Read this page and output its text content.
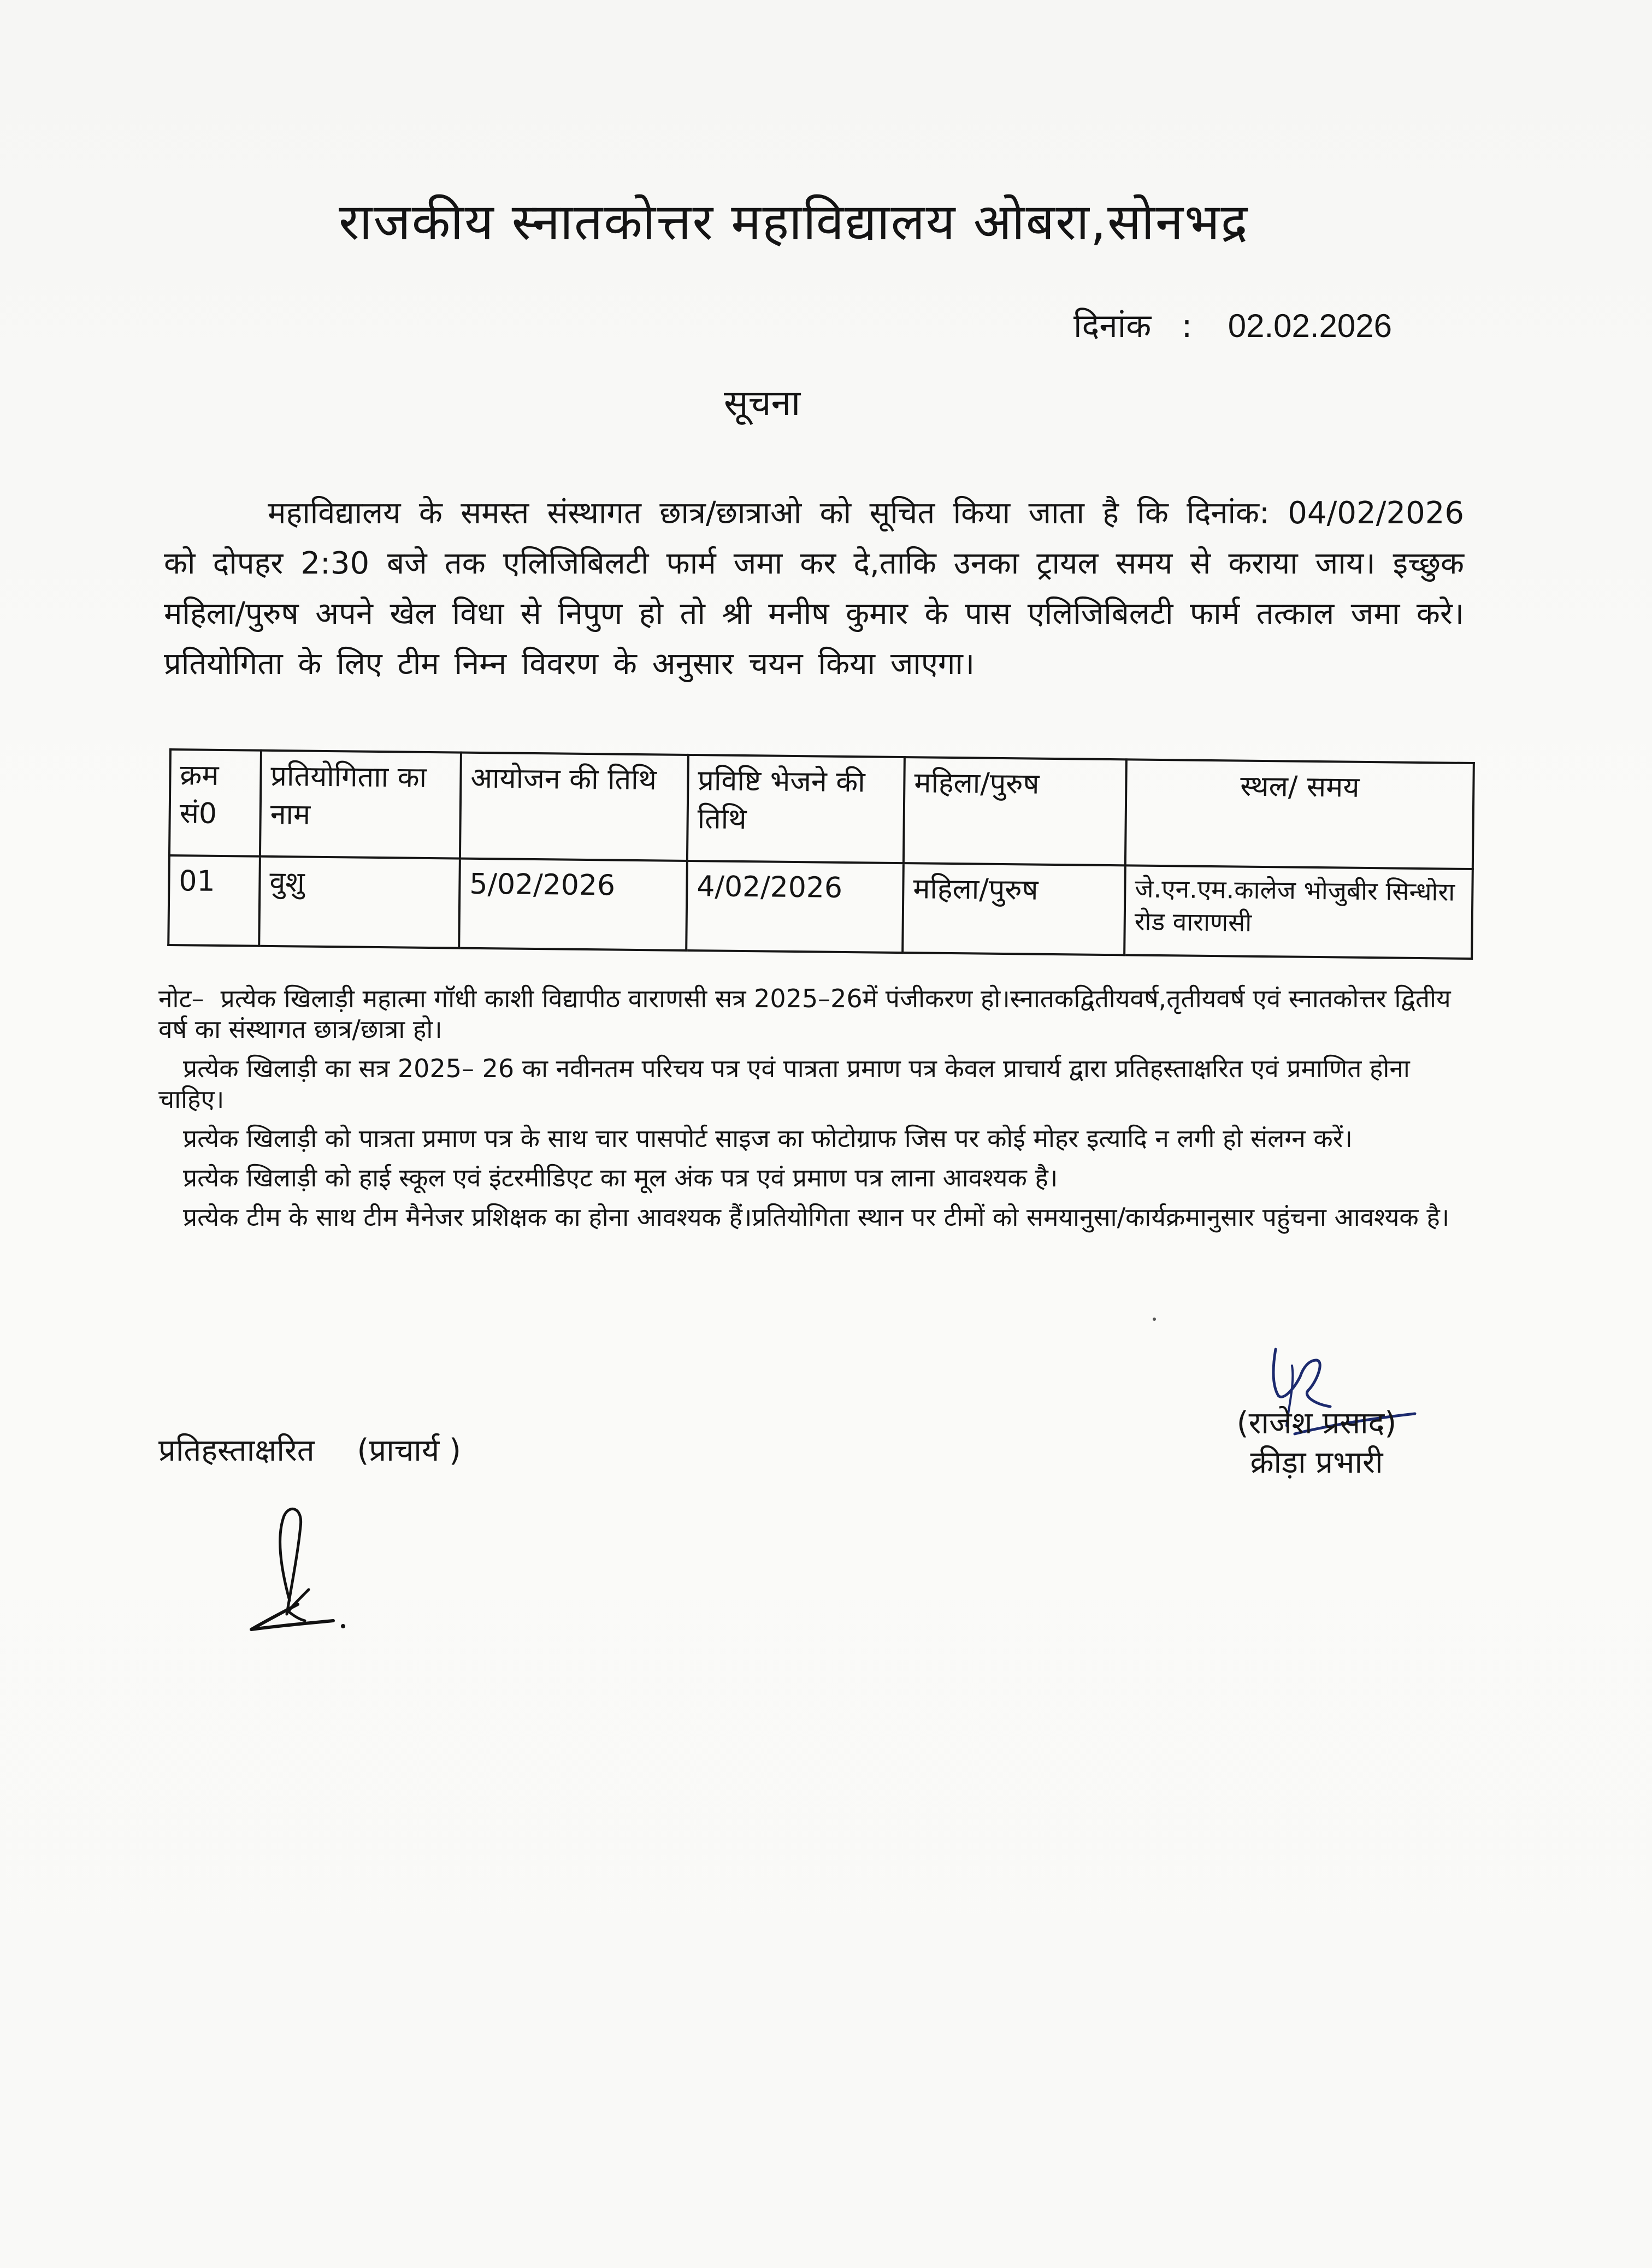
राजकीय स्नातकोत्तर महाविद्यालय ओबरा,सोनभद्र
दिनांक : 02.02.2026
सूचना

महाविद्यालय के समस्त संस्थागत छात्र/छात्राओ को सूचित किया जाता है कि दिनांक: 04/02/2026 को दोपहर 2:30 बजे तक एलिजिबिलटी फार्म जमा कर दे,ताकि उनका ट्रायल समय से कराया जाय। इच्छुक महिला/पुरुष अपने खेल विधा से निपुण हो तो श्री मनीष कुमार के पास एलिजिबिलटी फार्म तत्काल जमा करे। प्रतियोगिता के लिए टीम निम्न विवरण के अनुसार चयन किया जाएगा।

क्रम सं0	प्रतियोगिताा का नाम	आयोजन की तिथि	प्रविष्टि भेजने की तिथि	महिला/पुरुष	स्थल/ समय
01	वुशु	5/02/2026	4/02/2026	महिला/पुरुष	जे.एन.एम.कालेज भोजुबीर सिन्धोरा रोड वाराणसी

नोट– प्रत्येक खिलाड़ी महात्मा गॉधी काशी विद्यापीठ वाराणसी सत्र 2025–26में पंजीकरण हो।स्नातकद्वितीयवर्ष,तृतीयवर्ष एवं स्नातकोत्तर द्वितीय वर्ष का संस्थागत छात्र/छात्रा हो।

प्रत्येक खिलाड़ी का सत्र 2025– 26 का नवीनतम परिचय पत्र एवं पात्रता प्रमाण पत्र केवल प्राचार्य द्वारा प्रतिहस्ताक्षरित एवं प्रमाणित होना चाहिए।

प्रत्येक खिलाड़ी को पात्रता प्रमाण पत्र के साथ चार पासपोर्ट साइज का फोटोग्राफ जिस पर कोई मोहर इत्यादि न लगी हो संलग्न करें।

प्रत्येक खिलाड़ी को हाई स्कूल एवं इंटरमीडिएट का मूल अंक पत्र एवं प्रमाण पत्र लाना आवश्यक है।

प्रत्येक टीम के साथ टीम मैनेजर प्रशिक्षक का होना आवश्यक हैं।प्रतियोगिता स्थान पर टीमों को समयानुसा/कार्यक्रमानुसार पहुंचना आवश्यक है।

(राजेश प्रसाद)
क्रीड़ा प्रभारी
प्रतिहस्ताक्षरित (प्राचार्य )
